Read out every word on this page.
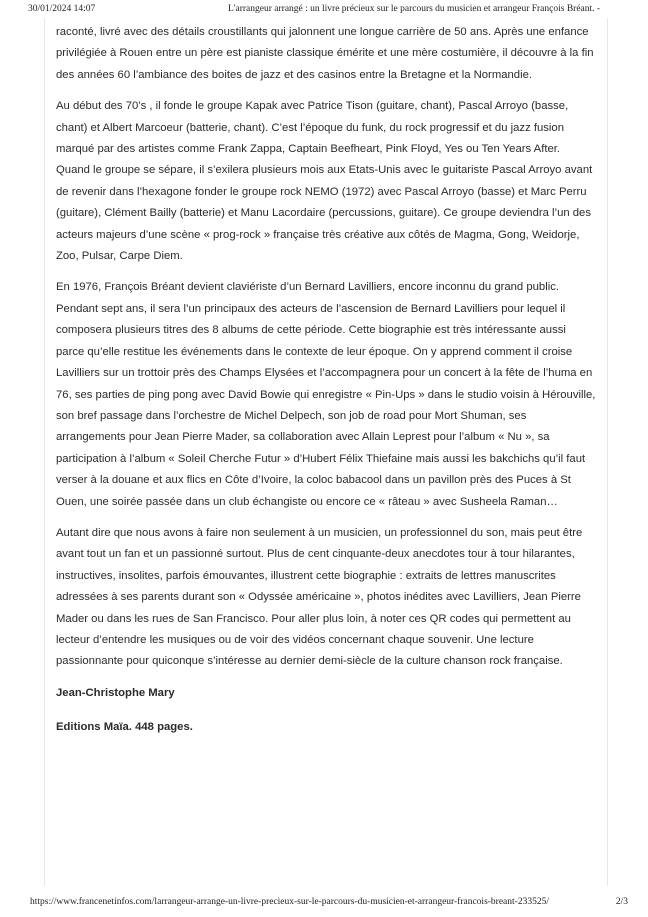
30/01/2024 14:07	L'arrangeur arrangé : un livre précieux sur le parcours du musicien et arrangeur François Bréant. -

raconté, livré avec des détails croustillants qui jalonnent une longue carrière de 50 ans. Après une enfance privilégiée à Rouen entre un père est pianiste classique émérite et une mère costumière, il découvre à la fin des années 60 l’ambiance des boites de jazz et des casinos entre la Bretagne et la Normandie.

Au début des 70’s , il fonde le groupe Kapak avec Patrice Tison (guitare, chant), Pascal Arroyo (basse, chant) et Albert Marcoeur (batterie, chant). C’est l’époque du funk, du rock progressif et du jazz fusion marqué par des artistes comme Frank Zappa, Captain Beefheart, Pink Floyd, Yes ou Ten Years After. Quand le groupe se sépare, il s’exilera plusieurs mois aux Etats-Unis avec le guitariste Pascal Arroyo avant de revenir dans l’hexagone fonder le groupe rock NEMO (1972) avec Pascal Arroyo (basse) et Marc Perru (guitare), Clément Bailly (batterie) et Manu Lacordaire (percussions, guitare). Ce groupe deviendra l’un des acteurs majeurs d’une scène « prog-rock » française très créative aux côtés de Magma, Gong, Weidorje, Zoo, Pulsar, Carpe Diem.

En 1976, François Bréant devient claviériste d’un Bernard Lavilliers, encore inconnu du grand public. Pendant sept ans, il sera l’un principaux des acteurs de l’ascension de Bernard Lavilliers pour lequel il composera plusieurs titres des 8 albums de cette période. Cette biographie est très intéressante aussi parce qu’elle restitue les événements dans le contexte de leur époque. On y apprend comment il croise Lavilliers sur un trottoir près des Champs Elysées et l’accompagnera pour un concert à la fête de l’huma en 76, ses parties de ping pong avec David Bowie qui enregistre « Pin-Ups » dans le studio voisin à Hérouville, son bref passage dans l’orchestre de Michel Delpech, son job de road pour Mort Shuman, ses arrangements pour Jean Pierre Mader, sa collaboration avec Allain Leprest pour l’album « Nu », sa participation à l’album « Soleil Cherche Futur » d’Hubert Félix Thiefaine mais aussi les bakchichs qu’il faut verser à la douane et aux flics en Côte d’Ivoire, la coloc babacool dans un pavillon près des Puces à St Ouen, une soirée passée dans un club échangiste ou encore ce « râteau » avec Susheela Raman…

Autant dire que nous avons à faire non seulement à un musicien, un professionnel du son, mais peut être avant tout un fan et un passionné surtout. Plus de cent cinquante-deux anecdotes tour à tour hilarantes, instructives, insolites, parfois émouvantes, illustrent cette biographie : extraits de lettres manuscrites adressées à ses parents durant son « Odyssée américaine », photos inédites avec Lavilliers, Jean Pierre Mader ou dans les rues de San Francisco. Pour aller plus loin, à noter ces QR codes qui permettent au lecteur d’entendre les musiques ou de voir des vidéos concernant chaque souvenir. Une lecture passionnante pour quiconque s’intéresse au dernier demi-siècle de la culture chanson rock française.

Jean-Christophe Mary

Editions Maïa. 448 pages.

https://www.francenetinfos.com/larrangeur-arrange-un-livre-precieux-sur-le-parcours-du-musicien-et-arrangeur-francois-breant-233525/	2/3
